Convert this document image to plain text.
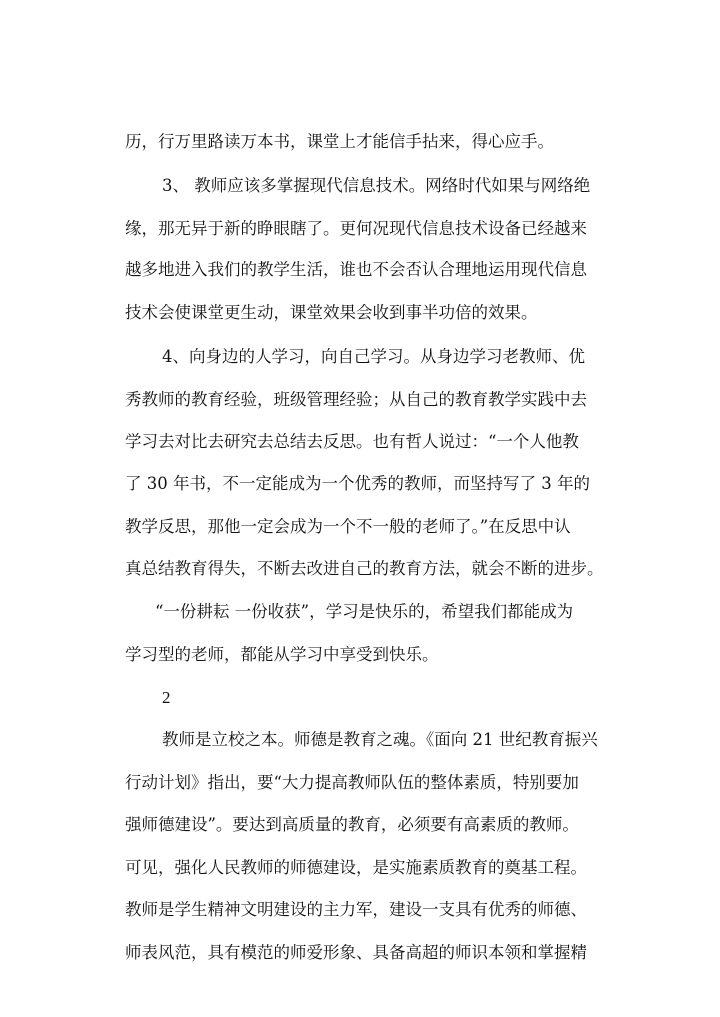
历，行万里路读万本书，课堂上才能信手拈来，得心应手。
3、 教师应该多掌握现代信息技术。网络时代如果与网络绝
缘，那无异于新的睁眼瞎了。更何况现代信息技术设备已经越来
越多地进入我们的教学生活，谁也不会否认合理地运用现代信息
技术会使课堂更生动，课堂效果会收到事半功倍的效果。
4、向身边的人学习，向自己学习。从身边学习老教师、优
秀教师的教育经验，班级管理经验；从自己的教育教学实践中去
学习去对比去研究去总结去反思。也有哲人说过：“一个人他教
了 30 年书，不一定能成为一个优秀的教师，而坚持写了 3 年的
教学反思，那他一定会成为一个不一般的老师了。”在反思中认
真总结教育得失，不断去改进自己的教育方法，就会不断的进步。
“一份耕耘 一份收获”，学习是快乐的，希望我们都能成为
学习型的老师，都能从学习中享受到快乐。
2
教师是立校之本。师德是教育之魂。《面向 21 世纪教育振兴
行动计划》指出，要“大力提高教师队伍的整体素质，特别要加
强师德建设”。要达到高质量的教育，必须要有高素质的教师。
可见，强化人民教师的师德建设，是实施素质教育的奠基工程。
教师是学生精神文明建设的主力军，建设一支具有优秀的师德、
师表风范，具有模范的师爱形象、具备高超的师识本领和掌握精
